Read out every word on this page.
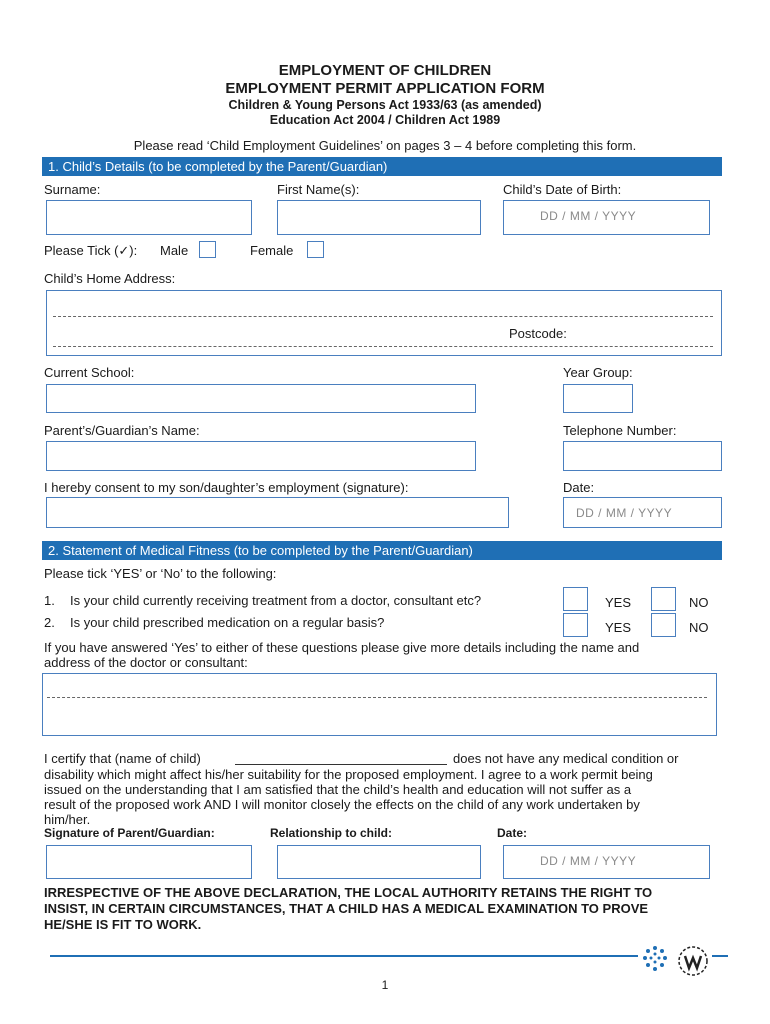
EMPLOYMENT OF CHILDREN
EMPLOYMENT PERMIT APPLICATION FORM
Children & Young Persons Act 1933/63 (as amended)
Education Act 2004 / Children Act 1989
Please read ‘Child Employment Guidelines’ on pages 3 – 4 before completing this form.
1. Child’s Details (to be completed by the Parent/Guardian)
Surname:	First Name(s):	Child’s Date of Birth:
DD / MM / YYYY
Please Tick (✓): Male	Female
Child’s Home Address:
Postcode:
Current School:	Year Group:
Parent’s/Guardian’s Name:	Telephone Number:
I hereby consent to my son/daughter’s employment (signature):	Date:
DD / MM / YYYY
2. Statement of Medical Fitness (to be completed by the Parent/Guardian)
Please tick ‘YES’ or ‘No’ to the following:
1. Is your child currently receiving treatment from a doctor, consultant etc?	YES	NO
2. Is your child prescribed medication on a regular basis?	YES	NO
If you have answered ‘Yes’ to either of these questions please give more details including the name and
address of the doctor or consultant:
I certify that (name of child)	does not have any medical condition or
disability which might affect his/her suitability for the proposed employment. I agree to a work permit being
issued on the understanding that I am satisfied that the child’s health and education will not suffer as a
result of the proposed work AND I will monitor closely the effects on the child of any work undertaken by
him/her.
Signature of Parent/Guardian:	Relationship to child:	Date:
DD / MM / YYYY
IRRESPECTIVE OF THE ABOVE DECLARATION, THE LOCAL AUTHORITY RETAINS THE RIGHT TO
INSIST, IN CERTAIN CIRCUMSTANCES, THAT A CHILD HAS A MEDICAL EXAMINATION TO PROVE
HE/SHE IS FIT TO WORK.
1
